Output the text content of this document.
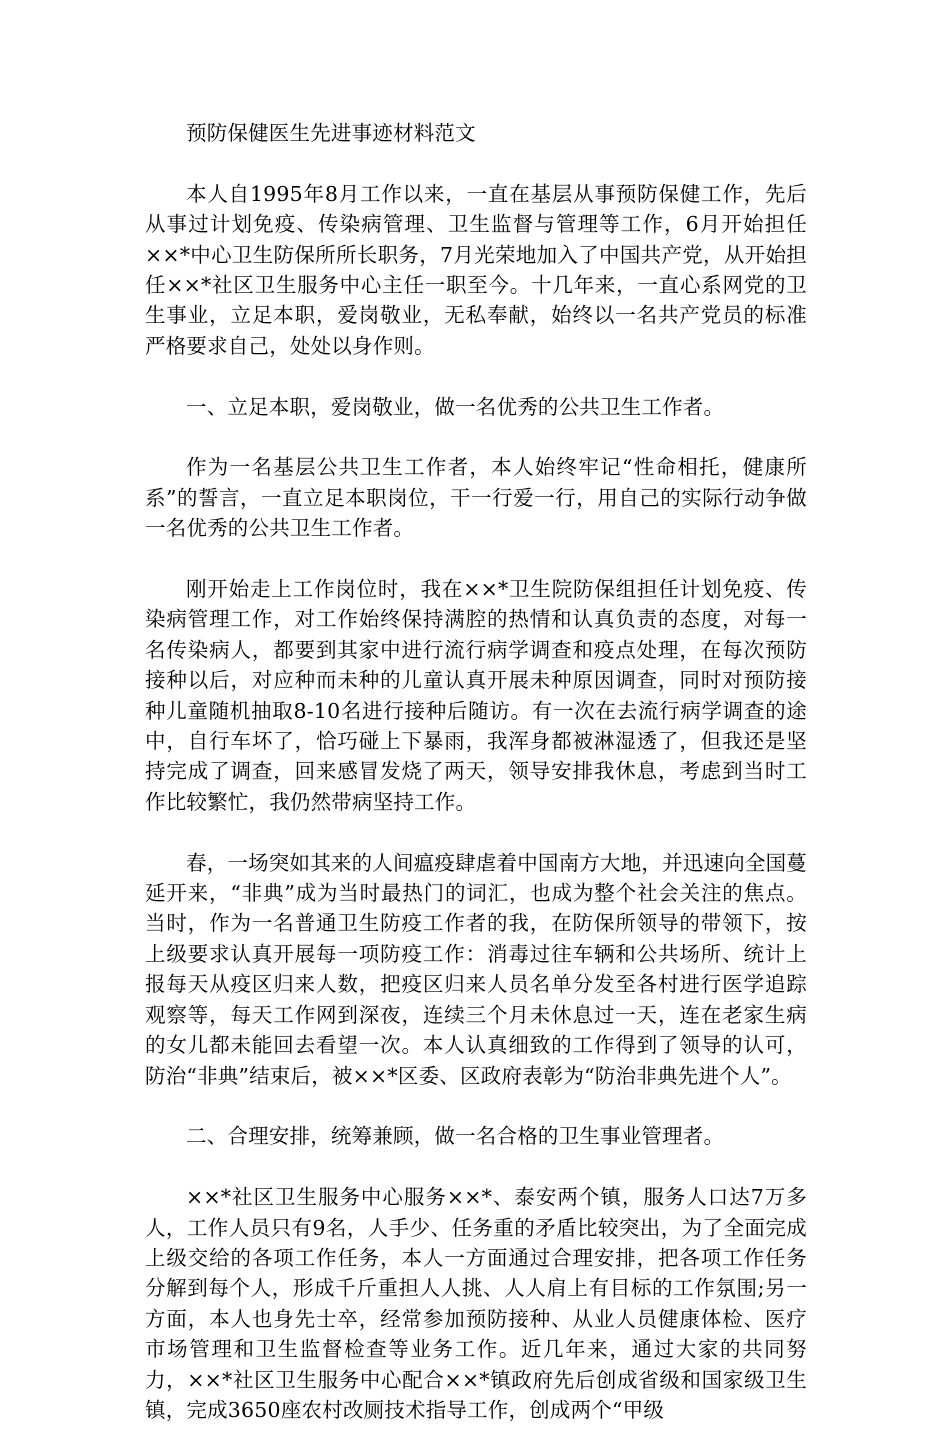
预防保健医生先进事迹材料范文

本人自1995年8月工作以来，一直在基层从事预防保健工作，先后从事过计划免疫、传染病管理、卫生监督与管理等工作，6月开始担任××*中心卫生防保所所长职务，7月光荣地加入了中国共产党，从开始担任××*社区卫生服务中心主任一职至今。十几年来，一直心系网党的卫生事业，立足本职，爱岗敬业，无私奉献，始终以一名共产党员的标准严格要求自己，处处以身作则。

一、立足本职，爱岗敬业，做一名优秀的公共卫生工作者。

作为一名基层公共卫生工作者，本人始终牢记“性命相托，健康所系”的誓言，一直立足本职岗位，干一行爱一行，用自己的实际行动争做一名优秀的公共卫生工作者。

刚开始走上工作岗位时，我在××*卫生院防保组担任计划免疫、传染病管理工作，对工作始终保持满腔的热情和认真负责的态度，对每一名传染病人，都要到其家中进行流行病学调查和疫点处理，在每次预防接种以后，对应种而未种的儿童认真开展未种原因调查，同时对预防接种儿童随机抽取8-10名进行接种后随访。有一次在去流行病学调查的途中，自行车坏了，恰巧碰上下暴雨，我浑身都被淋湿透了，但我还是坚持完成了调查，回来感冒发烧了两天，领导安排我休息，考虑到当时工作比较繁忙，我仍然带病坚持工作。

春，一场突如其来的人间瘟疫肆虐着中国南方大地，并迅速向全国蔓延开来，“非典”成为当时最热门的词汇，也成为整个社会关注的焦点。当时，作为一名普通卫生防疫工作者的我，在防保所领导的带领下，按上级要求认真开展每一项防疫工作：消毒过往车辆和公共场所、统计上报每天从疫区归来人数，把疫区归来人员名单分发至各村进行医学追踪观察等，每天工作网到深夜，连续三个月未休息过一天，连在老家生病的女儿都未能回去看望一次。本人认真细致的工作得到了领导的认可，防治“非典”结束后，被××*区委、区政府表彰为“防治非典先进个人”。

二、合理安排，统筹兼顾，做一名合格的卫生事业管理者。

××*社区卫生服务中心服务××*、泰安两个镇，服务人口达7万多人，工作人员只有9名，人手少、任务重的矛盾比较突出，为了全面完成上级交给的各项工作任务，本人一方面通过合理安排，把各项工作任务分解到每个人，形成千斤重担人人挑、人人肩上有目标的工作氛围;另一方面，本人也身先士卒，经常参加预防接种、从业人员健康体检、医疗市场管理和卫生监督检查等业务工作。近几年来，通过大家的共同努力，××*社区卫生服务中心配合××*镇政府先后创成省级和国家级卫生镇，完成3650座农村改厕技术指导工作，创成两个“甲级
